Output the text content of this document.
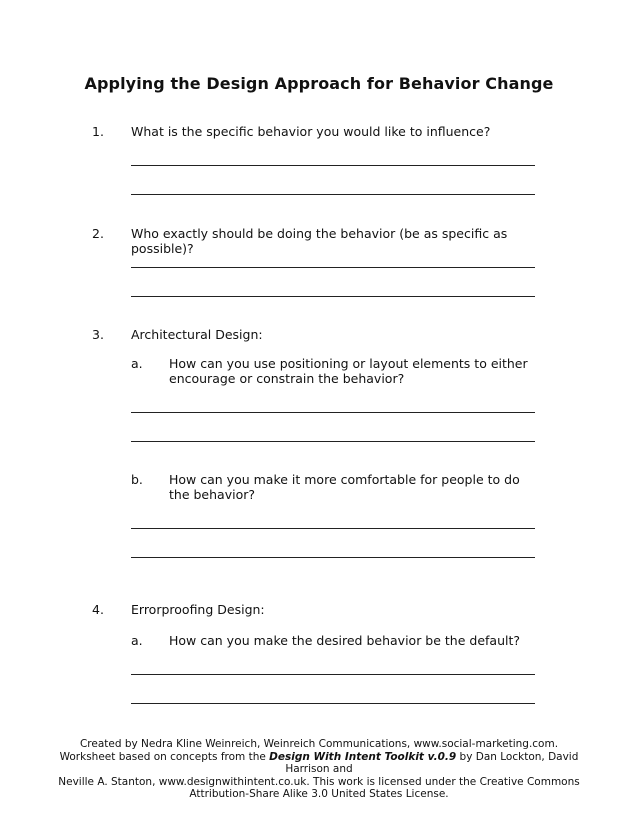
Applying the Design Approach for Behavior Change
1. What is the specific behavior you would like to influence?
2. Who exactly should be doing the behavior (be as specific as possible)?
3. Architectural Design:
a. How can you use positioning or layout elements to either encourage or constrain the behavior?
b. How can you make it more comfortable for people to do the behavior?
4. Errorproofing Design:
a. How can you make the desired behavior be the default?
Created by Nedra Kline Weinreich, Weinreich Communications, www.social-marketing.com.
Worksheet based on concepts from the Design With Intent Toolkit v.0.9 by Dan Lockton, David Harrison and
Neville A. Stanton, www.designwithintent.co.uk. This work is licensed under the Creative Commons
Attribution-Share Alike 3.0 United States License.
